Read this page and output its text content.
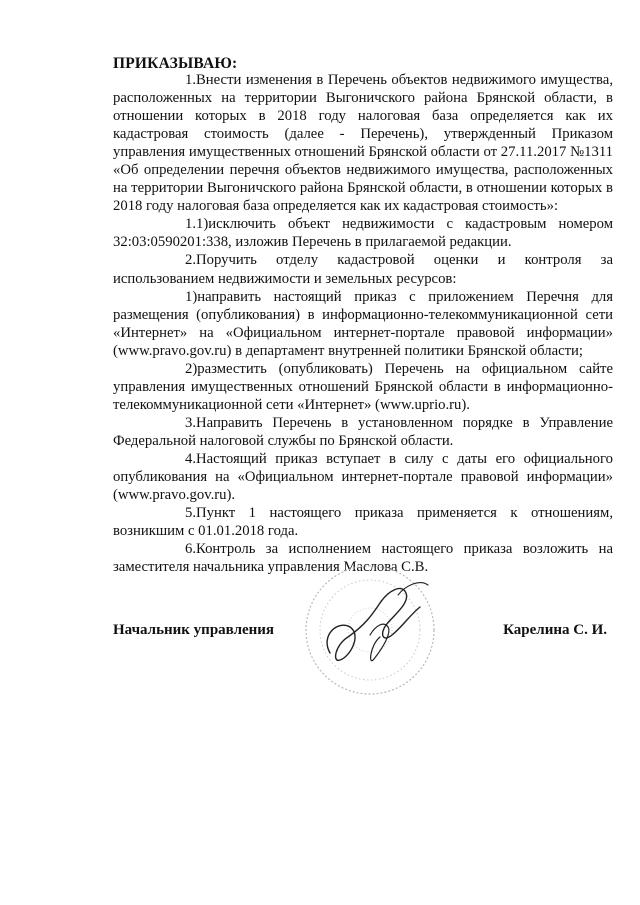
ПРИКАЗЫВАЮ:

1.Внести изменения в Перечень объектов недвижимого имущества, расположенных на территории Выгоничского района Брянской области, в отношении которых в 2018 году налоговая база определяется как их кадастровая стоимость (далее - Перечень), утвержденный Приказом управления имущественных отношений Брянской области от 27.11.2017 №1311 «Об определении перечня объектов недвижимого имущества, расположенных на территории Выгоничского района Брянской области, в отношении которых в 2018 году налоговая база определяется как их кадастровая стоимость»:

1.1)исключить объект недвижимости с кадастровым номером 32:03:0590201:338, изложив Перечень в прилагаемой редакции.

2.Поручить отделу кадастровой оценки и контроля за использованием недвижимости и земельных ресурсов:

1)направить настоящий приказ с приложением Перечня для размещения (опубликования) в информационно-телекоммуникационной сети «Интернет» на «Официальном интернет-портале правовой информации» (www.pravo.gov.ru) в департамент внутренней политики Брянской области;

2)разместить (опубликовать) Перечень на официальном сайте управления имущественных отношений Брянской области в информационно-телекоммуникационной сети «Интернет» (www.uprio.ru).

3.Направить Перечень в установленном порядке в Управление Федеральной налоговой службы по Брянской области.

4.Настоящий приказ вступает в силу с даты его официального опубликования на «Официальном интернет-портале правовой информации» (www.pravo.gov.ru).

5.Пункт 1 настоящего приказа применяется к отношениям, возникшим с 01.01.2018 года.

6.Контроль за исполнением настоящего приказа возложить на заместителя начальника управления Маслова С.В.

Начальник управления	Карелина С. И.
